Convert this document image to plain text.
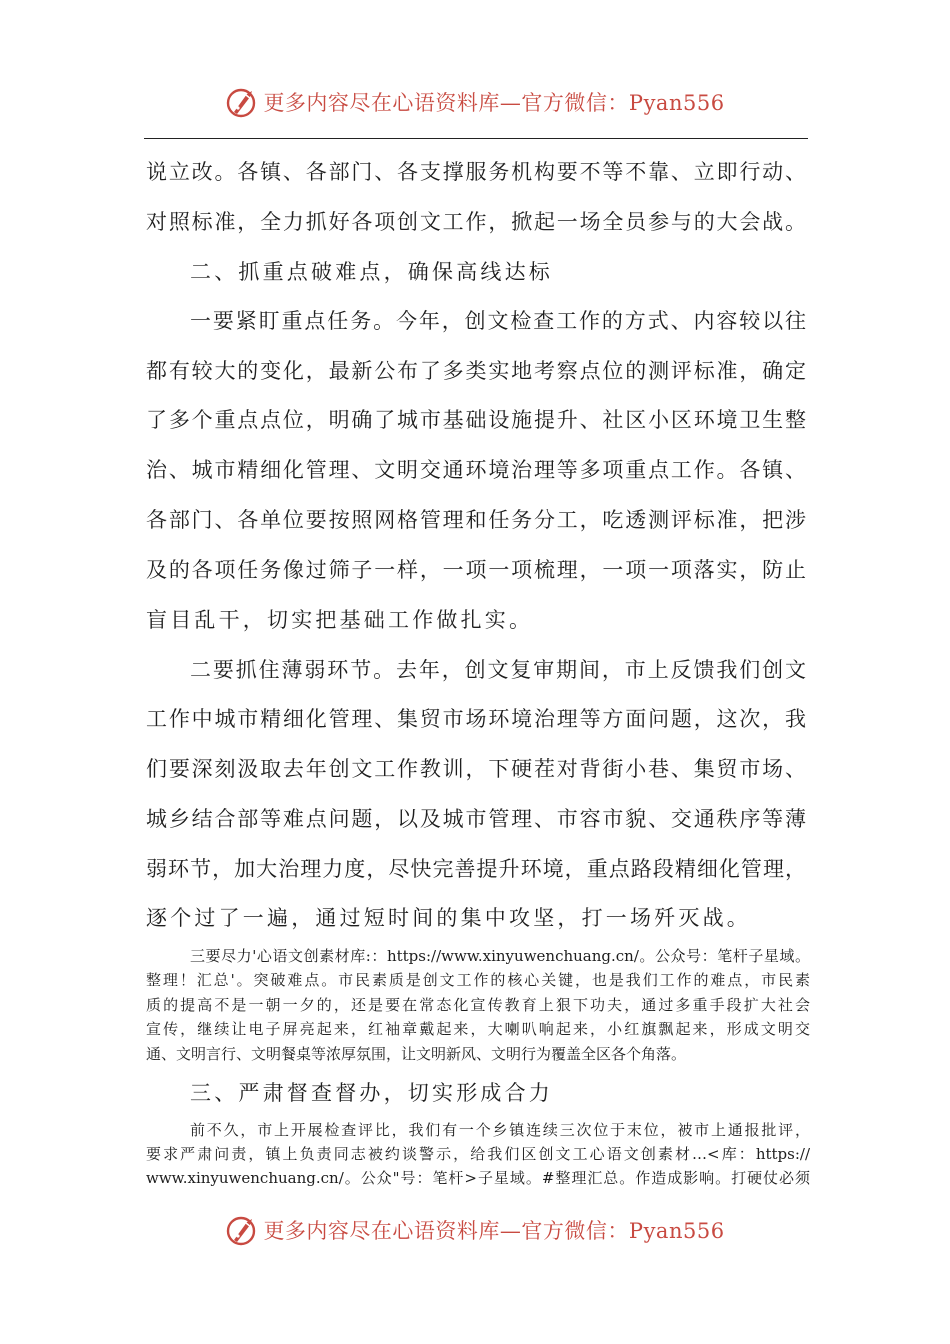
更多内容尽在心语资料库—官方微信：Pyan556
说立改。各镇、各部门、各支撑服务机构要不等不靠、立即行动、
对照标准，全力抓好各项创文工作，掀起一场全员参与的大会战。
二、抓重点破难点，确保高线达标
一要紧盯重点任务。今年，创文检查工作的方式、内容较以往
都有较大的变化，最新公布了多类实地考察点位的测评标准，确定
了多个重点点位，明确了城市基础设施提升、社区小区环境卫生整
治、城市精细化管理、文明交通环境治理等多项重点工作。各镇、
各部门、各单位要按照网格管理和任务分工，吃透测评标准，把涉
及的各项任务像过筛子一样，一项一项梳理，一项一项落实，防止
盲目乱干，切实把基础工作做扎实。
二要抓住薄弱环节。去年，创文复审期间，市上反馈我们创文
工作中城市精细化管理、集贸市场环境治理等方面问题，这次，我
们要深刻汲取去年创文工作教训，下硬茬对背街小巷、集贸市场、
城乡结合部等难点问题，以及城市管理、市容市貌、交通秩序等薄
弱环节，加大治理力度，尽快完善提升环境，重点路段精细化管理，
逐个过了一遍，通过短时间的集中攻坚，打一场歼灭战。
三要尽力'心语文创素材库:：https://www.xinyuwenchuang.cn/。公众号：笔杆子星域。
整理！汇总'。突破难点。市民素质是创文工作的核心关键，也是我们工作的难点，市民素
质的提高不是一朝一夕的，还是要在常态化宣传教育上狠下功夫，通过多重手段扩大社会
宣传，继续让电子屏亮起来，红袖章戴起来，大喇叭响起来，小红旗飘起来，形成文明交
通、文明言行、文明餐桌等浓厚氛围，让文明新风、文明行为覆盖全区各个角落。
三、严肃督查督办，切实形成合力
前不久，市上开展检查评比，我们有一个乡镇连续三次位于末位，被市上通报批评，
要求严肃问责，镇上负责同志被约谈警示，给我们区创文工心语文创素材…<库：https://
www.xinyuwenchuang.cn/。公众"号：笔杆>子星域。#整理汇总。作造成影响。打硬仗必须
更多内容尽在心语资料库—官方微信：Pyan556
